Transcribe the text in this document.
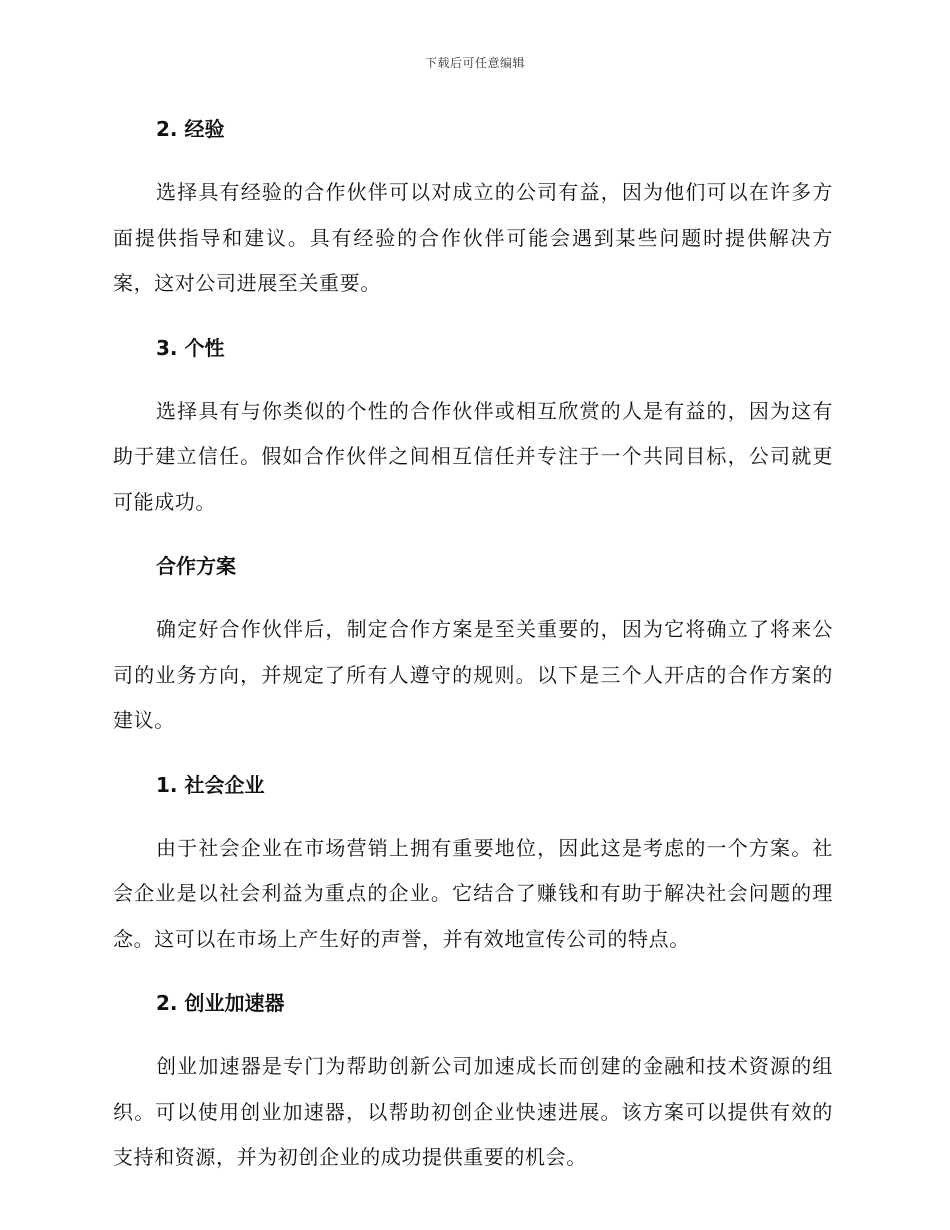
下载后可任意编辑
2. 经验

选择具有经验的合作伙伴可以对成立的公司有益，因为他们可以在许多方面提供指导和建议。具有经验的合作伙伴可能会遇到某些问题时提供解决方案，这对公司进展至关重要。

3. 个性

选择具有与你类似的个性的合作伙伴或相互欣赏的人是有益的，因为这有助于建立信任。假如合作伙伴之间相互信任并专注于一个共同目标，公司就更可能成功。

合作方案

确定好合作伙伴后，制定合作方案是至关重要的，因为它将确立了将来公司的业务方向，并规定了所有人遵守的规则。以下是三个人开店的合作方案的建议。

1. 社会企业

由于社会企业在市场营销上拥有重要地位，因此这是考虑的一个方案。社会企业是以社会利益为重点的企业。它结合了赚钱和有助于解决社会问题的理念。这可以在市场上产生好的声誉，并有效地宣传公司的特点。

2. 创业加速器

创业加速器是专门为帮助创新公司加速成长而创建的金融和技术资源的组织。可以使用创业加速器，以帮助初创企业快速进展。该方案可以提供有效的支持和资源，并为初创企业的成功提供重要的机会。
